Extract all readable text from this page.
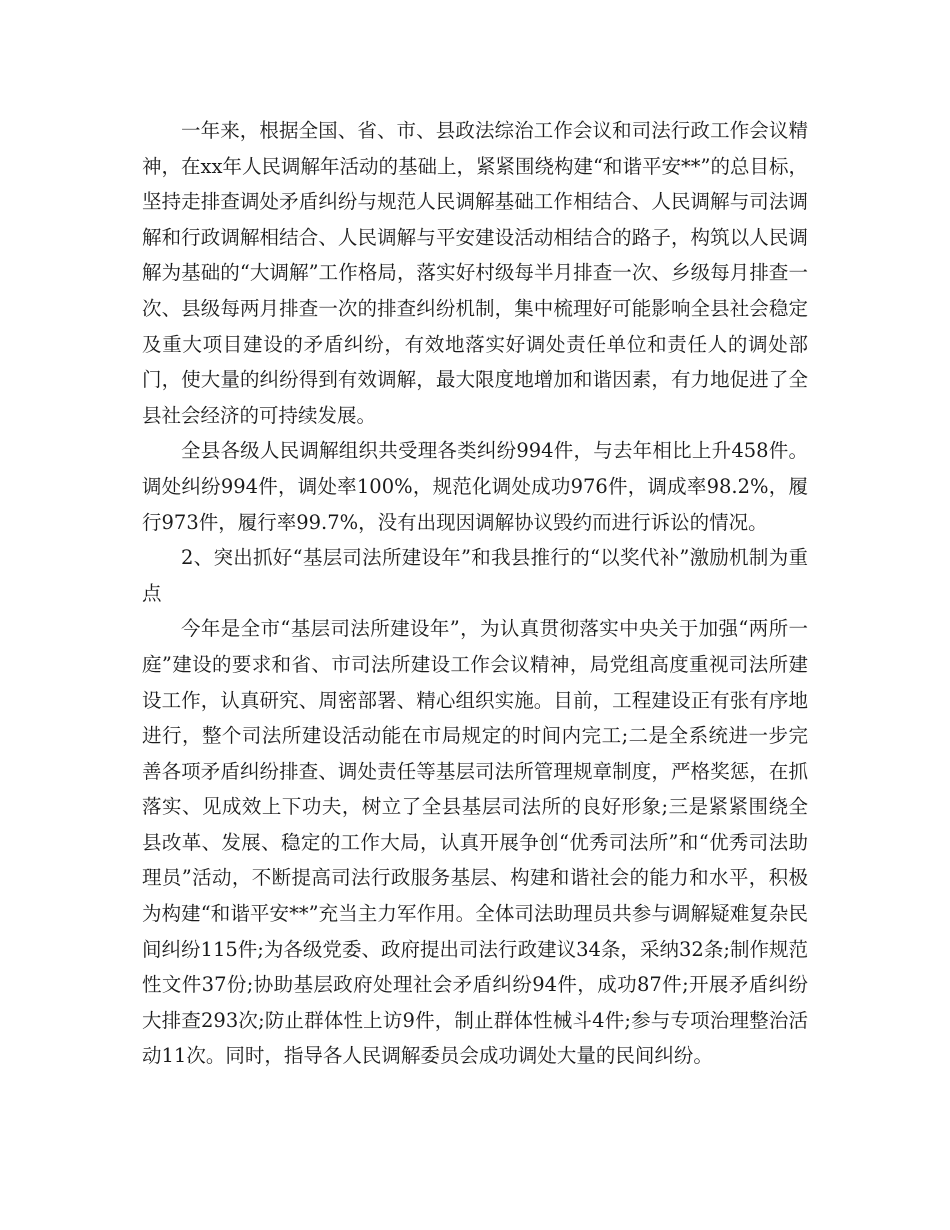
一年来，根据全国、省、市、县政法综治工作会议和司法行政工作会议精神，在xx年人民调解年活动的基础上，紧紧围绕构建“和谐平安**”的总目标，坚持走排查调处矛盾纠纷与规范人民调解基础工作相结合、人民调解与司法调解和行政调解相结合、人民调解与平安建设活动相结合的路子，构筑以人民调解为基础的“大调解”工作格局，落实好村级每半月排查一次、乡级每月排查一次、县级每两月排查一次的排查纠纷机制，集中梳理好可能影响全县社会稳定及重大项目建设的矛盾纠纷，有效地落实好调处责任单位和责任人的调处部门，使大量的纠纷得到有效调解，最大限度地增加和谐因素，有力地促进了全县社会经济的可持续发展。

全县各级人民调解组织共受理各类纠纷994件，与去年相比上升458件。调处纠纷994件，调处率100%，规范化调处成功976件，调成率98.2%，履行973件，履行率99.7%，没有出现因调解协议毁约而进行诉讼的情况。

2、突出抓好“基层司法所建设年”和我县推行的“以奖代补”激励机制为重点

今年是全市“基层司法所建设年”，为认真贯彻落实中央关于加强“两所一庭”建设的要求和省、市司法所建设工作会议精神，局党组高度重视司法所建设工作，认真研究、周密部署、精心组织实施。目前，工程建设正有张有序地进行，整个司法所建设活动能在市局规定的时间内完工;二是全系统进一步完善各项矛盾纠纷排查、调处责任等基层司法所管理规章制度，严格奖惩，在抓落实、见成效上下功夫，树立了全县基层司法所的良好形象;三是紧紧围绕全县改革、发展、稳定的工作大局，认真开展争创“优秀司法所”和“优秀司法助理员”活动，不断提高司法行政服务基层、构建和谐社会的能力和水平，积极为构建“和谐平安**”充当主力军作用。全体司法助理员共参与调解疑难复杂民间纠纷115件;为各级党委、政府提出司法行政建议34条，采纳32条;制作规范性文件37份;协助基层政府处理社会矛盾纠纷94件，成功87件;开展矛盾纠纷大排查293次;防止群体性上访9件，制止群体性械斗4件;参与专项治理整治活动11次。同时，指导各人民调解委员会成功调处大量的民间纠纷。
